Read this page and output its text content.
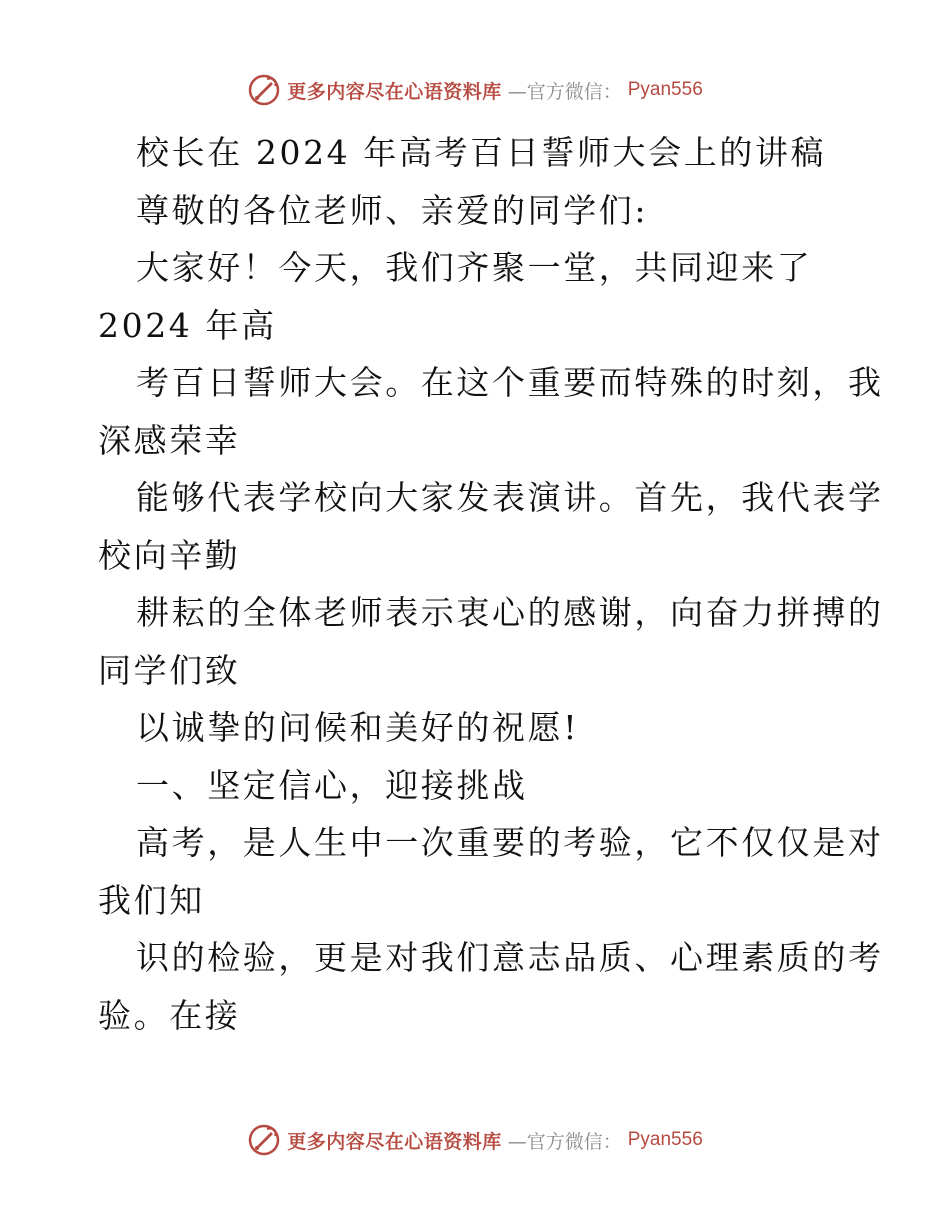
更多内容尽在心语资料库 —官方微信： Pyan556
校长在 2024 年高考百日誓师大会上的讲稿
尊敬的各位老师、亲爱的同学们:
大家好！今天，我们齐聚一堂，共同迎来了
2024 年高
考百日誓师大会。在这个重要而特殊的时刻，我
深感荣幸
能够代表学校向大家发表演讲。首先，我代表学
校向辛勤
耕耘的全体老师表示衷心的感谢，向奋力拼搏的
同学们致
以诚挚的问候和美好的祝愿!
一、坚定信心，迎接挑战
高考，是人生中一次重要的考验，它不仅仅是对
我们知
识的检验，更是对我们意志品质、心理素质的考
验。在接
更多内容尽在心语资料库 —官方微信： Pyan556
